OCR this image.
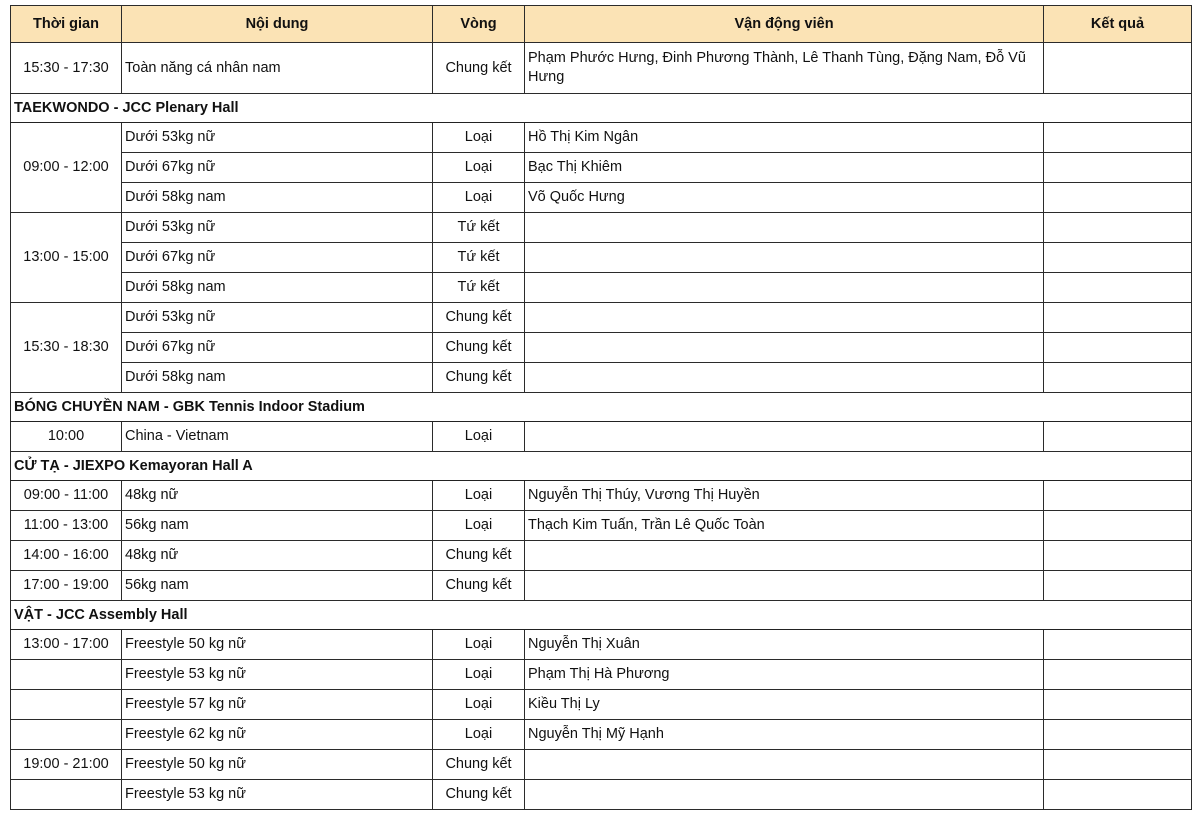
Thời gian	Nội dung	Vòng	Vận động viên	Kết quả
15:30 - 17:30	Toàn năng cá nhân nam	Chung kết	Phạm Phước Hưng, Đinh Phương Thành, Lê Thanh Tùng, Đặng Nam, Đỗ Vũ Hưng	
TAEKWONDO - JCC Plenary Hall				
09:00 - 12:00	Dưới 53kg nữ	Loại	Hồ Thị Kim Ngân	
	Dưới 67kg nữ	Loại	Bạc Thị Khiêm	
	Dưới 58kg nam	Loại	Võ Quốc Hưng	
13:00 - 15:00	Dưới 53kg nữ	Tứ kết		
	Dưới 67kg nữ	Tứ kết		
	Dưới 58kg nam	Tứ kết		
15:30 - 18:30	Dưới 53kg nữ	Chung kết		
	Dưới 67kg nữ	Chung kết		
	Dưới 58kg nam	Chung kết		
BÓNG CHUYỀN NAM - GBK Tennis Indoor Stadium				
10:00	China - Vietnam	Loại		
CỬ TẠ - JIEXPO Kemayoran Hall A				
09:00 - 11:00	48kg nữ	Loại	Nguyễn Thị Thúy, Vương Thị Huyền	
11:00 - 13:00	56kg nam	Loại	Thạch Kim Tuấn, Trần Lê Quốc Toàn	
14:00 - 16:00	48kg nữ	Chung kết		
17:00 - 19:00	56kg nam	Chung kết		
VẬT - JCC Assembly Hall				
13:00 - 17:00	Freestyle 50 kg nữ	Loại	Nguyễn Thị Xuân	
	Freestyle 53 kg nữ	Loại	Phạm Thị Hà Phương	
	Freestyle 57 kg nữ	Loại	Kiều Thị Ly	
	Freestyle 62 kg nữ	Loại	Nguyễn Thị Mỹ Hạnh	
19:00 - 21:00	Freestyle 50 kg nữ	Chung kết		
	Freestyle 53 kg nữ	Chung kết		
